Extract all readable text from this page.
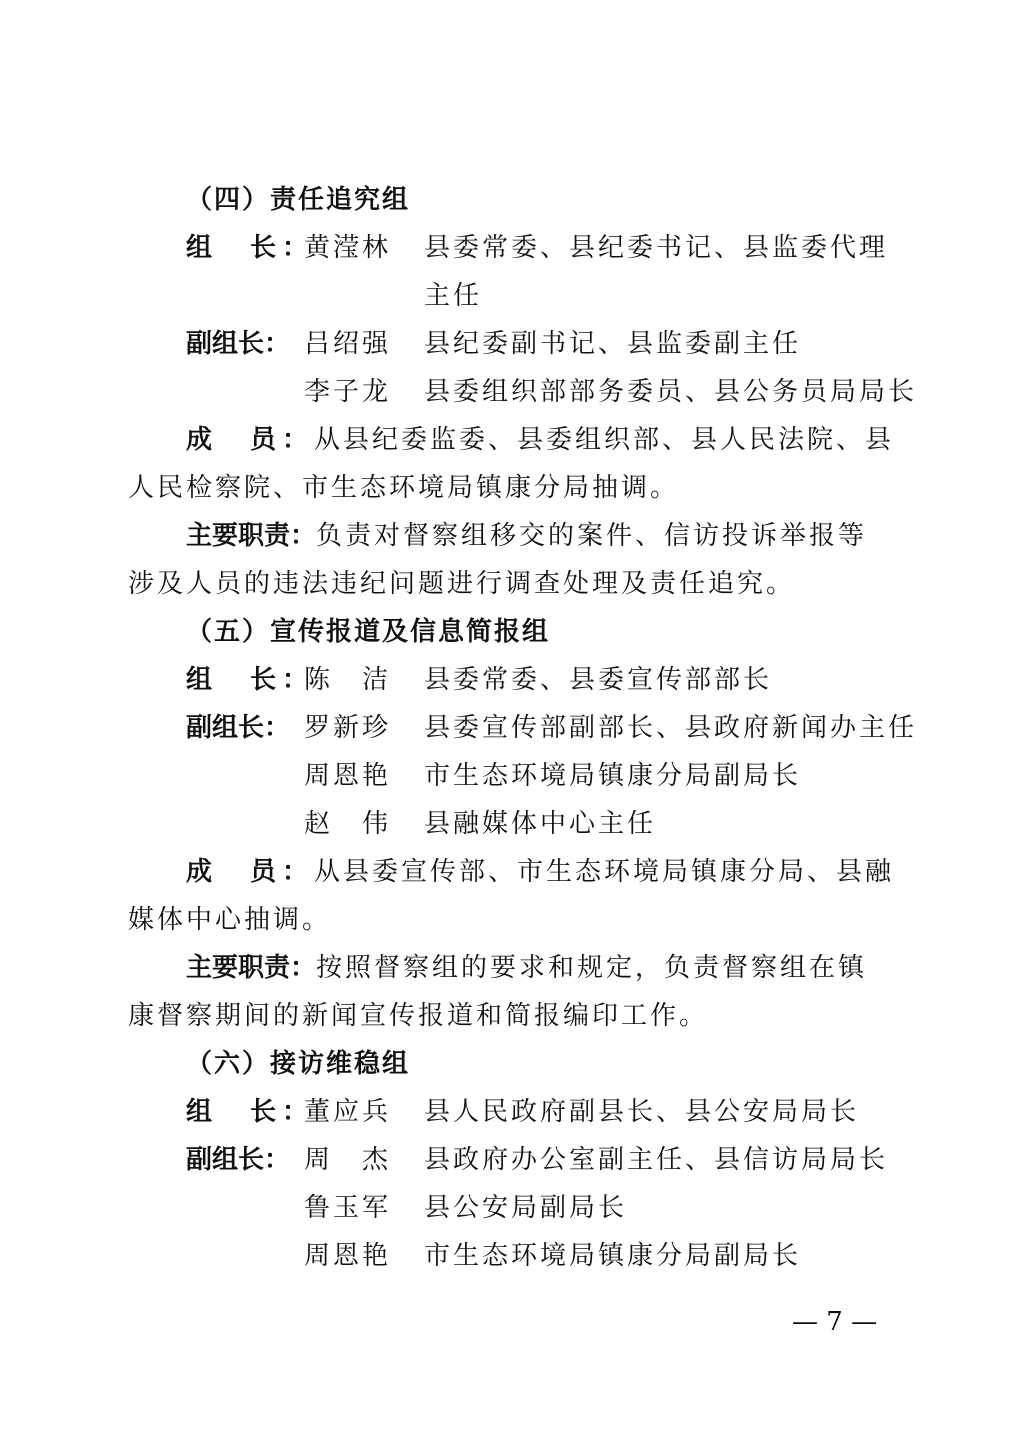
（四）责任追究组
组　长：
黄滢林 县委常委、县纪委书记、县监委代理
主任
副组长： 吕绍强 县纪委副书记、县监委副主任
李子龙 县委组织部部务委员、县公务员局局长
成　员：从县纪委监委、县委组织部、县人民法院、县
人民检察院、市生态环境局镇康分局抽调。
主要职责：负责对督察组移交的案件、信访投诉举报等
涉及人员的违法违纪问题进行调查处理及责任追究。
（五）宣传报道及信息简报组
组　长：
陈　洁 县委常委、县委宣传部部长
副组长： 罗新珍 县委宣传部副部长、县政府新闻办主任
周恩艳 市生态环境局镇康分局副局长
赵　伟 县融媒体中心主任
成　员：从县委宣传部、市生态环境局镇康分局、县融
媒体中心抽调。
主要职责：按照督察组的要求和规定，负责督察组在镇
康督察期间的新闻宣传报道和简报编印工作。
（六）接访维稳组
组　长：
董应兵 县人民政府副县长、县公安局局长
副组长： 周　杰 县政府办公室副主任、县信访局局长
鲁玉军 县公安局副局长
周恩艳 市生态环境局镇康分局副局长
— 7 —
